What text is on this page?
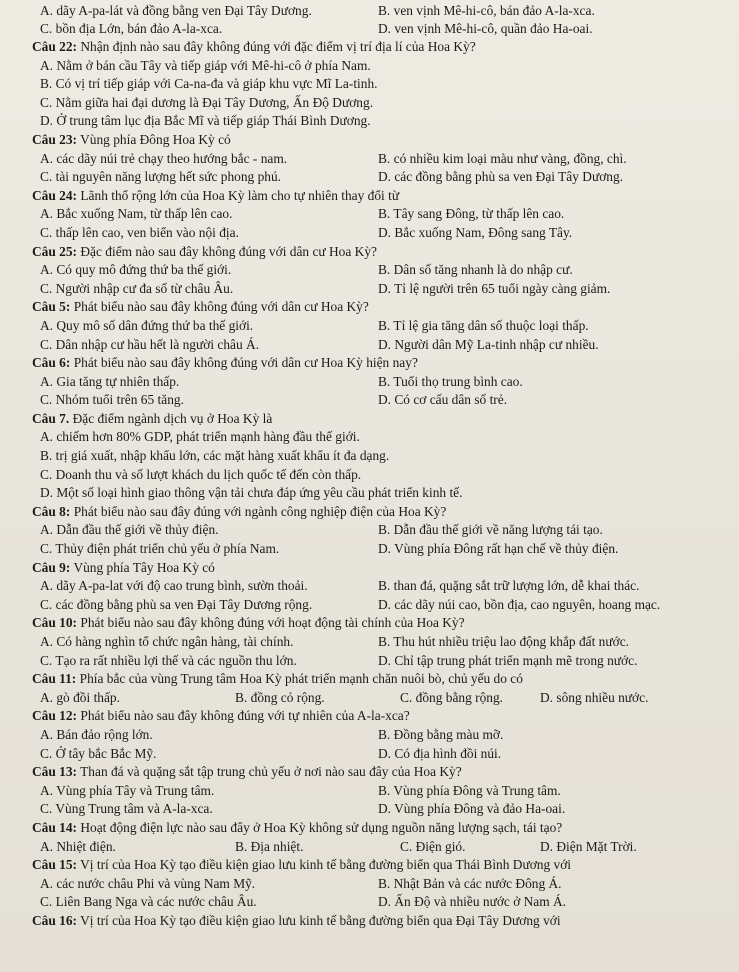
A. dãy A-pa-lát và đồng bằng ven Đại Tây Dương.	B. ven vịnh Mê-hi-cô, bán đảo A-la-xca.
C. bồn địa Lớn, bán đảo A-la-xca.	D. ven vịnh Mê-hi-cô, quần đảo Ha-oai.
Câu 22: Nhận định nào sau đây không đúng với đặc điểm vị trí địa lí của Hoa Kỳ?
A. Nằm ở bán cầu Tây và tiếp giáp với Mê-hi-cô ở phía Nam.
B. Có vị trí tiếp giáp với Ca-na-đa và giáp khu vực Mĩ La-tinh.
C. Nằm giữa hai đại dương là Đại Tây Dương, Ấn Độ Dương.
D. Ở trung tâm lục địa Bắc Mĩ và tiếp giáp Thái Bình Dương.
Câu 23: Vùng phía Đông Hoa Kỳ có
A. các dãy núi trẻ chạy theo hướng bắc - nam.	B. có nhiều kim loại màu như vàng, đồng, chì.
C. tài nguyên năng lượng hết sức phong phú.	D. các đồng bằng phù sa ven Đại Tây Dương.
Câu 24: Lãnh thổ rộng lớn của Hoa Kỳ làm cho tự nhiên thay đổi từ
A. Bắc xuống Nam, từ thấp lên cao.	B. Tây sang Đông, từ thấp lên cao.
C. thấp lên cao, ven biển vào nội địa.	D. Bắc xuống Nam, Đông sang Tây.
Câu 25: Đặc điểm nào sau đây không đúng với dân cư Hoa Kỳ?
A. Có quy mô đứng thứ ba thế giới.	B. Dân số tăng nhanh là do nhập cư.
C. Người nhập cư đa số từ châu Âu.	D. Tỉ lệ người trên 65 tuổi ngày càng giảm.
Câu 5: Phát biểu nào sau đây không đúng với dân cư Hoa Kỳ?
A. Quy mô số dân đứng thứ ba thế giới.	B. Tỉ lệ gia tăng dân số thuộc loại thấp.
C. Dân nhập cư hầu hết là người châu Á.	D. Người dân Mỹ La-tinh nhập cư nhiều.
Câu 6: Phát biểu nào sau đây không đúng với dân cư Hoa Kỳ hiện nay?
A. Gia tăng tự nhiên thấp.	B. Tuổi thọ trung bình cao.
C. Nhóm tuổi trên 65 tăng.	D. Có cơ cấu dân số trẻ.
Câu 7. Đặc điểm ngành dịch vụ ở Hoa Kỳ là
A. chiếm hơn 80% GDP, phát triển mạnh hàng đầu thế giới.
B. trị giá xuất, nhập khẩu lớn, các mặt hàng xuất khẩu ít đa dạng.
C. Doanh thu và số lượt khách du lịch quốc tế đến còn thấp.
D. Một số loại hình giao thông vận tải chưa đáp ứng yêu cầu phát triển kinh tế.
Câu 8: Phát biểu nào sau đây đúng với ngành công nghiệp điện của Hoa Kỳ?
A. Dẫn đầu thế giới về thủy điện.	B. Dẫn đầu thế giới về năng lượng tái tạo.
C. Thủy điện phát triển chủ yếu ở phía Nam.	D. Vùng phía Đông rất hạn chế về thủy điện.
Câu 9: Vùng phía Tây Hoa Kỳ có
A. dãy A-pa-lat với độ cao trung bình, sườn thoải.	B. than đá, quặng sắt trữ lượng lớn, dễ khai thác.
C. các đồng bằng phù sa ven Đại Tây Dương rộng.	D. các dãy núi cao, bồn địa, cao nguyên, hoang mạc.
Câu 10: Phát biểu nào sau đây không đúng với hoạt động tài chính của Hoa Kỳ?
A. Có hàng nghìn tổ chức ngân hàng, tài chính.	B. Thu hút nhiều triệu lao động khắp đất nước.
C. Tạo ra rất nhiều lợi thế và các nguồn thu lớn.	D. Chỉ tập trung phát triển mạnh mẽ trong nước.
Câu 11: Phía bắc của vùng Trung tâm Hoa Kỳ phát triển mạnh chăn nuôi bò, chủ yếu do có
A. gò đồi thấp.	B. đồng cỏ rộng.	C. đồng bằng rộng.	D. sông nhiều nước.
Câu 12: Phát biểu nào sau đây không đúng với tự nhiên của A-la-xca?
A. Bán đảo rộng lớn.	B. Đồng bằng màu mỡ.
C. Ở tây bắc Bắc Mỹ.	D. Có địa hình đồi núi.
Câu 13: Than đá và quặng sắt tập trung chủ yếu ở nơi nào sau đây của Hoa Kỳ?
A. Vùng phía Tây và Trung tâm.	B. Vùng phía Đông và Trung tâm.
C. Vùng Trung tâm và A-la-xca.	D. Vùng phía Đông và đảo Ha-oai.
Câu 14: Hoạt động điện lực nào sau đây ở Hoa Kỳ không sử dụng nguồn năng lượng sạch, tái tạo?
A. Nhiệt điện.	B. Địa nhiệt.	C. Điện gió.	D. Điện Mặt Trời.
Câu 15: Vị trí của Hoa Kỳ tạo điều kiện giao lưu kinh tế bằng đường biển qua Thái Bình Dương với
A. các nước châu Phi và vùng Nam Mỹ.	B. Nhật Bản và các nước Đông Á.
C. Liên Bang Nga và các nước châu Âu.	D. Ấn Độ và nhiều nước ở Nam Á.
Câu 16: Vị trí của Hoa Kỳ tạo điều kiện giao lưu kinh tế bằng đường biển qua Đại Tây Dương với
